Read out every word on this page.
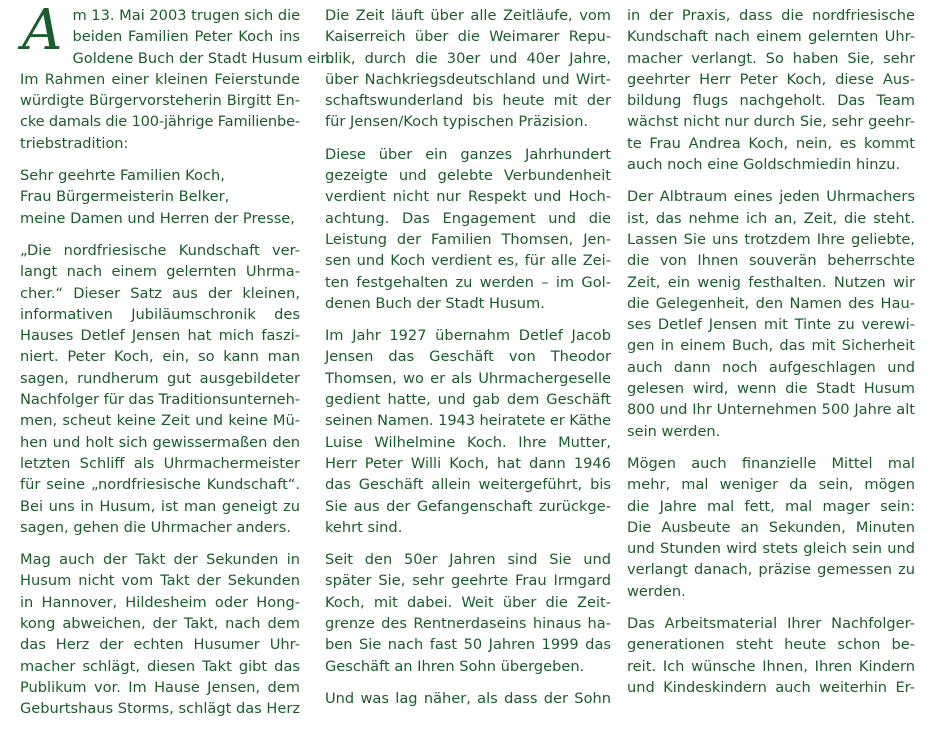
A m 13. Mai 2003 trugen sich die
beiden Familien Peter Koch ins
Goldene Buch der Stadt Husum ein.
Im Rahmen einer kleinen Feierstunde
würdigte Bürgervorsteherin Birgitt En-
cke damals die 100-jährige Familienbe-
triebstradition:
Sehr geehrte Familien Koch,
Frau Bürgermeisterin Belker,
meine Damen und Herren der Presse,
„Die nordfriesische Kundschaft ver-
langt nach einem gelernten Uhrma-
cher.“ Dieser Satz aus der kleinen,
informativen Jubiläumschronik des
Hauses Detlef Jensen hat mich faszi-
niert. Peter Koch, ein, so kann man
sagen, rundherum gut ausgebildeter
Nachfolger für das Traditionsunterneh-
men, scheut keine Zeit und keine Mü-
hen und holt sich gewissermaßen den
letzten Schliff als Uhrmachermeister
für seine „nordfriesische Kundschaft“.
Bei uns in Husum, ist man geneigt zu
sagen, gehen die Uhrmacher anders.
Mag auch der Takt der Sekunden in
Husum nicht vom Takt der Sekunden
in Hannover, Hildesheim oder Hong-
kong abweichen, der Takt, nach dem
das Herz der echten Husumer Uhr-
macher schlägt, diesen Takt gibt das
Publikum vor. Im Hause Jensen, dem
Geburtshaus Storms, schlägt das Herz
Die Zeit läuft über alle Zeitläufe, vom
Kaiserreich über die Weimarer Repu-
blik, durch die 30er und 40er Jahre,
über Nachkriegsdeutschland und Wirt-
schaftswunderland bis heute mit der
für Jensen/Koch typischen Präzision.
Diese über ein ganzes Jahrhundert
gezeigte und gelebte Verbundenheit
verdient nicht nur Respekt und Hoch-
achtung. Das Engagement und die
Leistung der Familien Thomsen, Jen-
sen und Koch verdient es, für alle Zei-
ten festgehalten zu werden – im Gol-
denen Buch der Stadt Husum.
Im Jahr 1927 übernahm Detlef Jacob
Jensen das Geschäft von Theodor
Thomsen, wo er als Uhrmachergeselle
gedient hatte, und gab dem Geschäft
seinen Namen. 1943 heiratete er Käthe
Luise Wilhelmine Koch. Ihre Mutter,
Herr Peter Willi Koch, hat dann 1946
das Geschäft allein weitergeführt, bis
Sie aus der Gefangenschaft zurückge-
kehrt sind.
Seit den 50er Jahren sind Sie und
später Sie, sehr geehrte Frau Irmgard
Koch, mit dabei. Weit über die Zeit-
grenze des Rentnerdaseins hinaus ha-
ben Sie nach fast 50 Jahren 1999 das
Geschäft an Ihren Sohn übergeben.
Und was lag näher, als dass der Sohn
in der Praxis, dass die nordfriesische
Kundschaft nach einem gelernten Uhr-
macher verlangt. So haben Sie, sehr
geehrter Herr Peter Koch, diese Aus-
bildung flugs nachgeholt. Das Team
wächst nicht nur durch Sie, sehr geehr-
te Frau Andrea Koch, nein, es kommt
auch noch eine Goldschmiedin hinzu.
Der Albtraum eines jeden Uhrmachers
ist, das nehme ich an, Zeit, die steht.
Lassen Sie uns trotzdem Ihre geliebte,
die von Ihnen souverän beherrschte
Zeit, ein wenig festhalten. Nutzen wir
die Gelegenheit, den Namen des Hau-
ses Detlef Jensen mit Tinte zu verewi-
gen in einem Buch, das mit Sicherheit
auch dann noch aufgeschlagen und
gelesen wird, wenn die Stadt Husum
800 und Ihr Unternehmen 500 Jahre alt
sein werden.
Mögen auch finanzielle Mittel mal
mehr, mal weniger da sein, mögen
die Jahre mal fett, mal mager sein:
Die Ausbeute an Sekunden, Minuten
und Stunden wird stets gleich sein und
verlangt danach, präzise gemessen zu
werden.
Das Arbeitsmaterial Ihrer Nachfolger-
generationen steht heute schon be-
reit. Ich wünsche Ihnen, Ihren Kindern
und Kindeskindern auch weiterhin Er-
